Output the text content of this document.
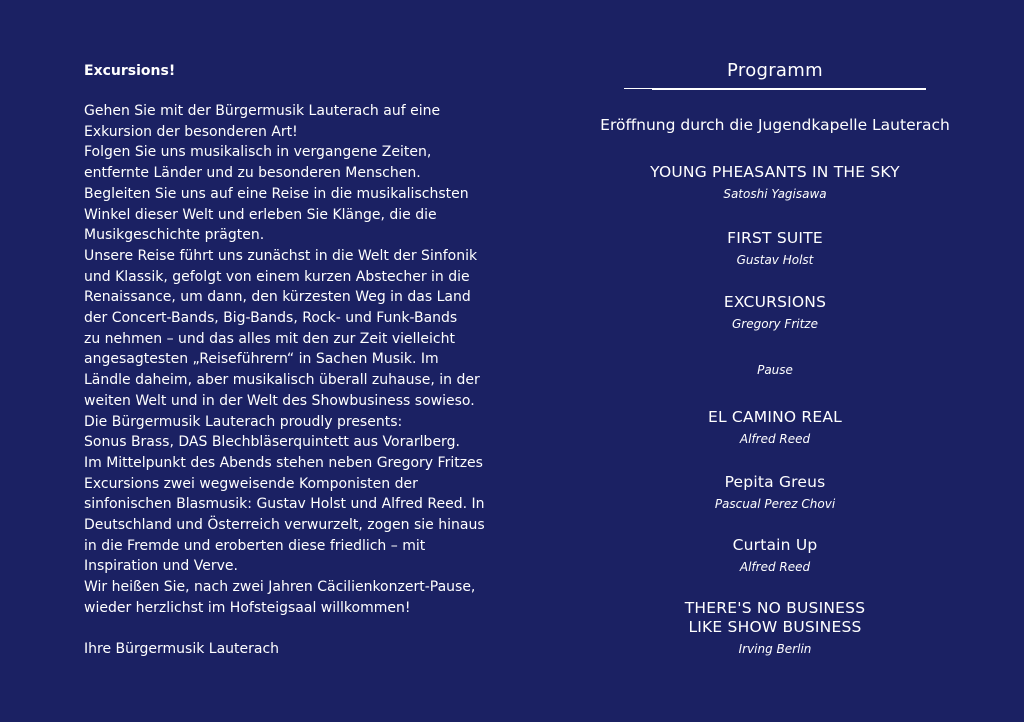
Excursions!
Gehen Sie mit der Bürgermusik Lauterach auf eine
Exkursion der besonderen Art!
Folgen Sie uns musikalisch in vergangene Zeiten,
entfernte Länder und zu besonderen Menschen.
Begleiten Sie uns auf eine Reise in die musikalischsten
Winkel dieser Welt und erleben Sie Klänge, die die
Musikgeschichte prägten.
Unsere Reise führt uns zunächst in die Welt der Sinfonik
und Klassik, gefolgt von einem kurzen Abstecher in die
Renaissance, um dann, den kürzesten Weg in das Land
der Concert-Bands, Big-Bands, Rock- und Funk-Bands
zu nehmen – und das alles mit den zur Zeit vielleicht
angesagtesten „Reiseführern“ in Sachen Musik. Im
Ländle daheim, aber musikalisch überall zuhause, in der
weiten Welt und in der Welt des Showbusiness sowieso.
Die Bürgermusik Lauterach proudly presents:
Sonus Brass, DAS Blechbläserquintett aus Vorarlberg.
Im Mittelpunkt des Abends stehen neben Gregory Fritzes
Excursions zwei wegweisende Komponisten der
sinfonischen Blasmusik: Gustav Holst und Alfred Reed. In
Deutschland und Österreich verwurzelt, zogen sie hinaus
in die Fremde und eroberten diese friedlich – mit
Inspiration und Verve.
Wir heißen Sie, nach zwei Jahren Cäcilienkonzert-Pause,
wieder herzlichst im Hofsteigsaal willkommen!
Ihre Bürgermusik Lauterach
Programm
Eröffnung durch die Jugendkapelle Lauterach
YOUNG PHEASANTS IN THE SKY
Satoshi Yagisawa
FIRST SUITE
Gustav Holst
EXCURSIONS
Gregory Fritze
Pause
EL CAMINO REAL
Alfred Reed
Pepita Greus
Pascual Perez Chovi
Curtain Up
Alfred Reed
THERE'S NO BUSINESS LIKE SHOW BUSINESS
Irving Berlin
